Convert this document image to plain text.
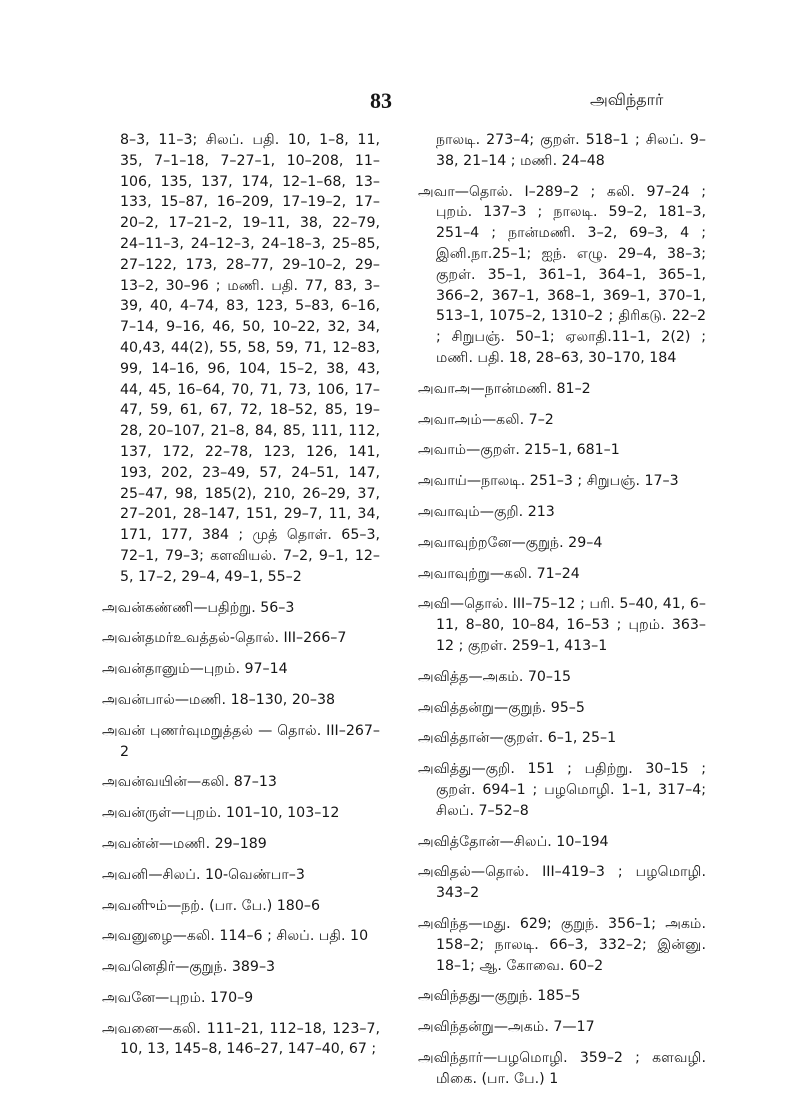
83	அவிந்தார்

8–3, 11–3; சிலப். பதி. 10, 1–8, 11, 35, 7–1–18, 7–27–1, 10–208, 11–106, 135, 137, 174, 12–1–68, 13–133, 15–87, 16–209, 17–19–2, 17–20–2, 17–21–2, 19–11, 38, 22–79, 24–11–3, 24–12–3, 24–18–3, 25–85, 27–122, 173, 28–77, 29–10–2, 29–13–2, 30–96 ; மணி. பதி. 77, 83, 3–39, 40, 4–74, 83, 123, 5–83, 6–16, 7–14, 9–16, 46, 50, 10–22, 32, 34, 40,43, 44(2), 55, 58, 59, 71, 12–83, 99, 14–16, 96, 104, 15–2, 38, 43, 44, 45, 16–64, 70, 71, 73, 106, 17–47, 59, 61, 67, 72, 18–52, 85, 19–28, 20–107, 21–8, 84, 85, 111, 112, 137, 172, 22–78, 123, 126, 141, 193, 202, 23–49, 57, 24–51, 147, 25–47, 98, 185(2), 210, 26–29, 37, 27–201, 28–147, 151, 29–7, 11, 34, 171, 177, 384 ; முத் தொள். 65–3, 72–1, 79–3; களவியல். 7–2, 9–1, 12–5, 17–2, 29–4, 49–1, 55–2

அவன்கண்ணி—பதிற்று. 56–3

அவன்தமர்உவத்தல்-தொல். III–266–7

அவன்தானும்—புறம். 97–14

அவன்பால்—மணி. 18–130, 20–38

அவன் புணர்வுமறுத்தல் — தொல். III–267–2

அவன்வயின்—கலி. 87–13

அவன்ருள்—புறம். 101–10, 103–12

அவன்ன்—மணி. 29–189

அவனி—சிலப். 10-வெண்பா–3

அவனிும்—நற். (பா. பே.) 180–6

அவனுழை—கலி. 114–6 ; சிலப். பதி. 10

அவனெதிர்—குறுந். 389–3

அவனே—புறம். 170–9

அவனை—கலி. 111–21, 112–18, 123–7, 10, 13, 145–8, 146–27, 147–40, 67 ;

நாலடி. 273–4; குறள். 518–1 ; சிலப். 9–38, 21–14 ; மணி. 24–48

அவா—தொல். I–289–2 ; கலி. 97–24 ; புறம். 137–3 ; நாலடி. 59–2, 181–3, 251–4 ; நான்மணி. 3–2, 69–3, 4 ; இனி.நா.25–1; ஐந். எழு. 29–4, 38–3; குறள். 35–1, 361–1, 364–1, 365–1, 366–2, 367–1, 368–1, 369–1, 370–1, 513–1, 1075–2, 1310–2 ; திரிகடு. 22–2 ; சிறுபஞ். 50–1; ஏலாதி.11–1, 2(2) ; மணி. பதி. 18, 28–63, 30–170, 184

அவாஅ—நான்மணி. 81–2

அவாஅம்—கலி. 7–2

அவாம்—குறள். 215–1, 681–1

அவாய்—நாலடி. 251–3 ; சிறுபஞ். 17–3

அவாவும்—குறி. 213

அவாவுற்றனே—குறுந். 29–4

அவாவுற்று—கலி. 71–24

அவி—தொல். III–75–12 ; பரி. 5–40, 41, 6–11, 8–80, 10–84, 16–53 ; புறம். 363–12 ; குறள். 259–1, 413–1

அவித்த—அகம். 70–15

அவித்தன்று—குறுந். 95–5

அவித்தான்—குறள். 6–1, 25–1

அவித்து—குறி. 151 ; பதிற்று. 30–15 ; குறள். 694–1 ; பழமொழி. 1–1, 317–4; சிலப். 7–52–8

அவித்தோன்—சிலப். 10–194

அவிதல்—தொல். III–419–3 ; பழமொழி. 343–2

அவிந்த—மது. 629; குறுந். 356–1; அகம். 158–2; நாலடி. 66–3, 332–2; இன்னு. 18–1; ஆ. கோவை. 60–2

அவிந்தது—குறுந். 185–5

அவிந்தன்று—அகம். 7—17

அவிந்தார்—பழமொழி. 359–2 ; களவழி. மிகை. (பா. பே.) 1
